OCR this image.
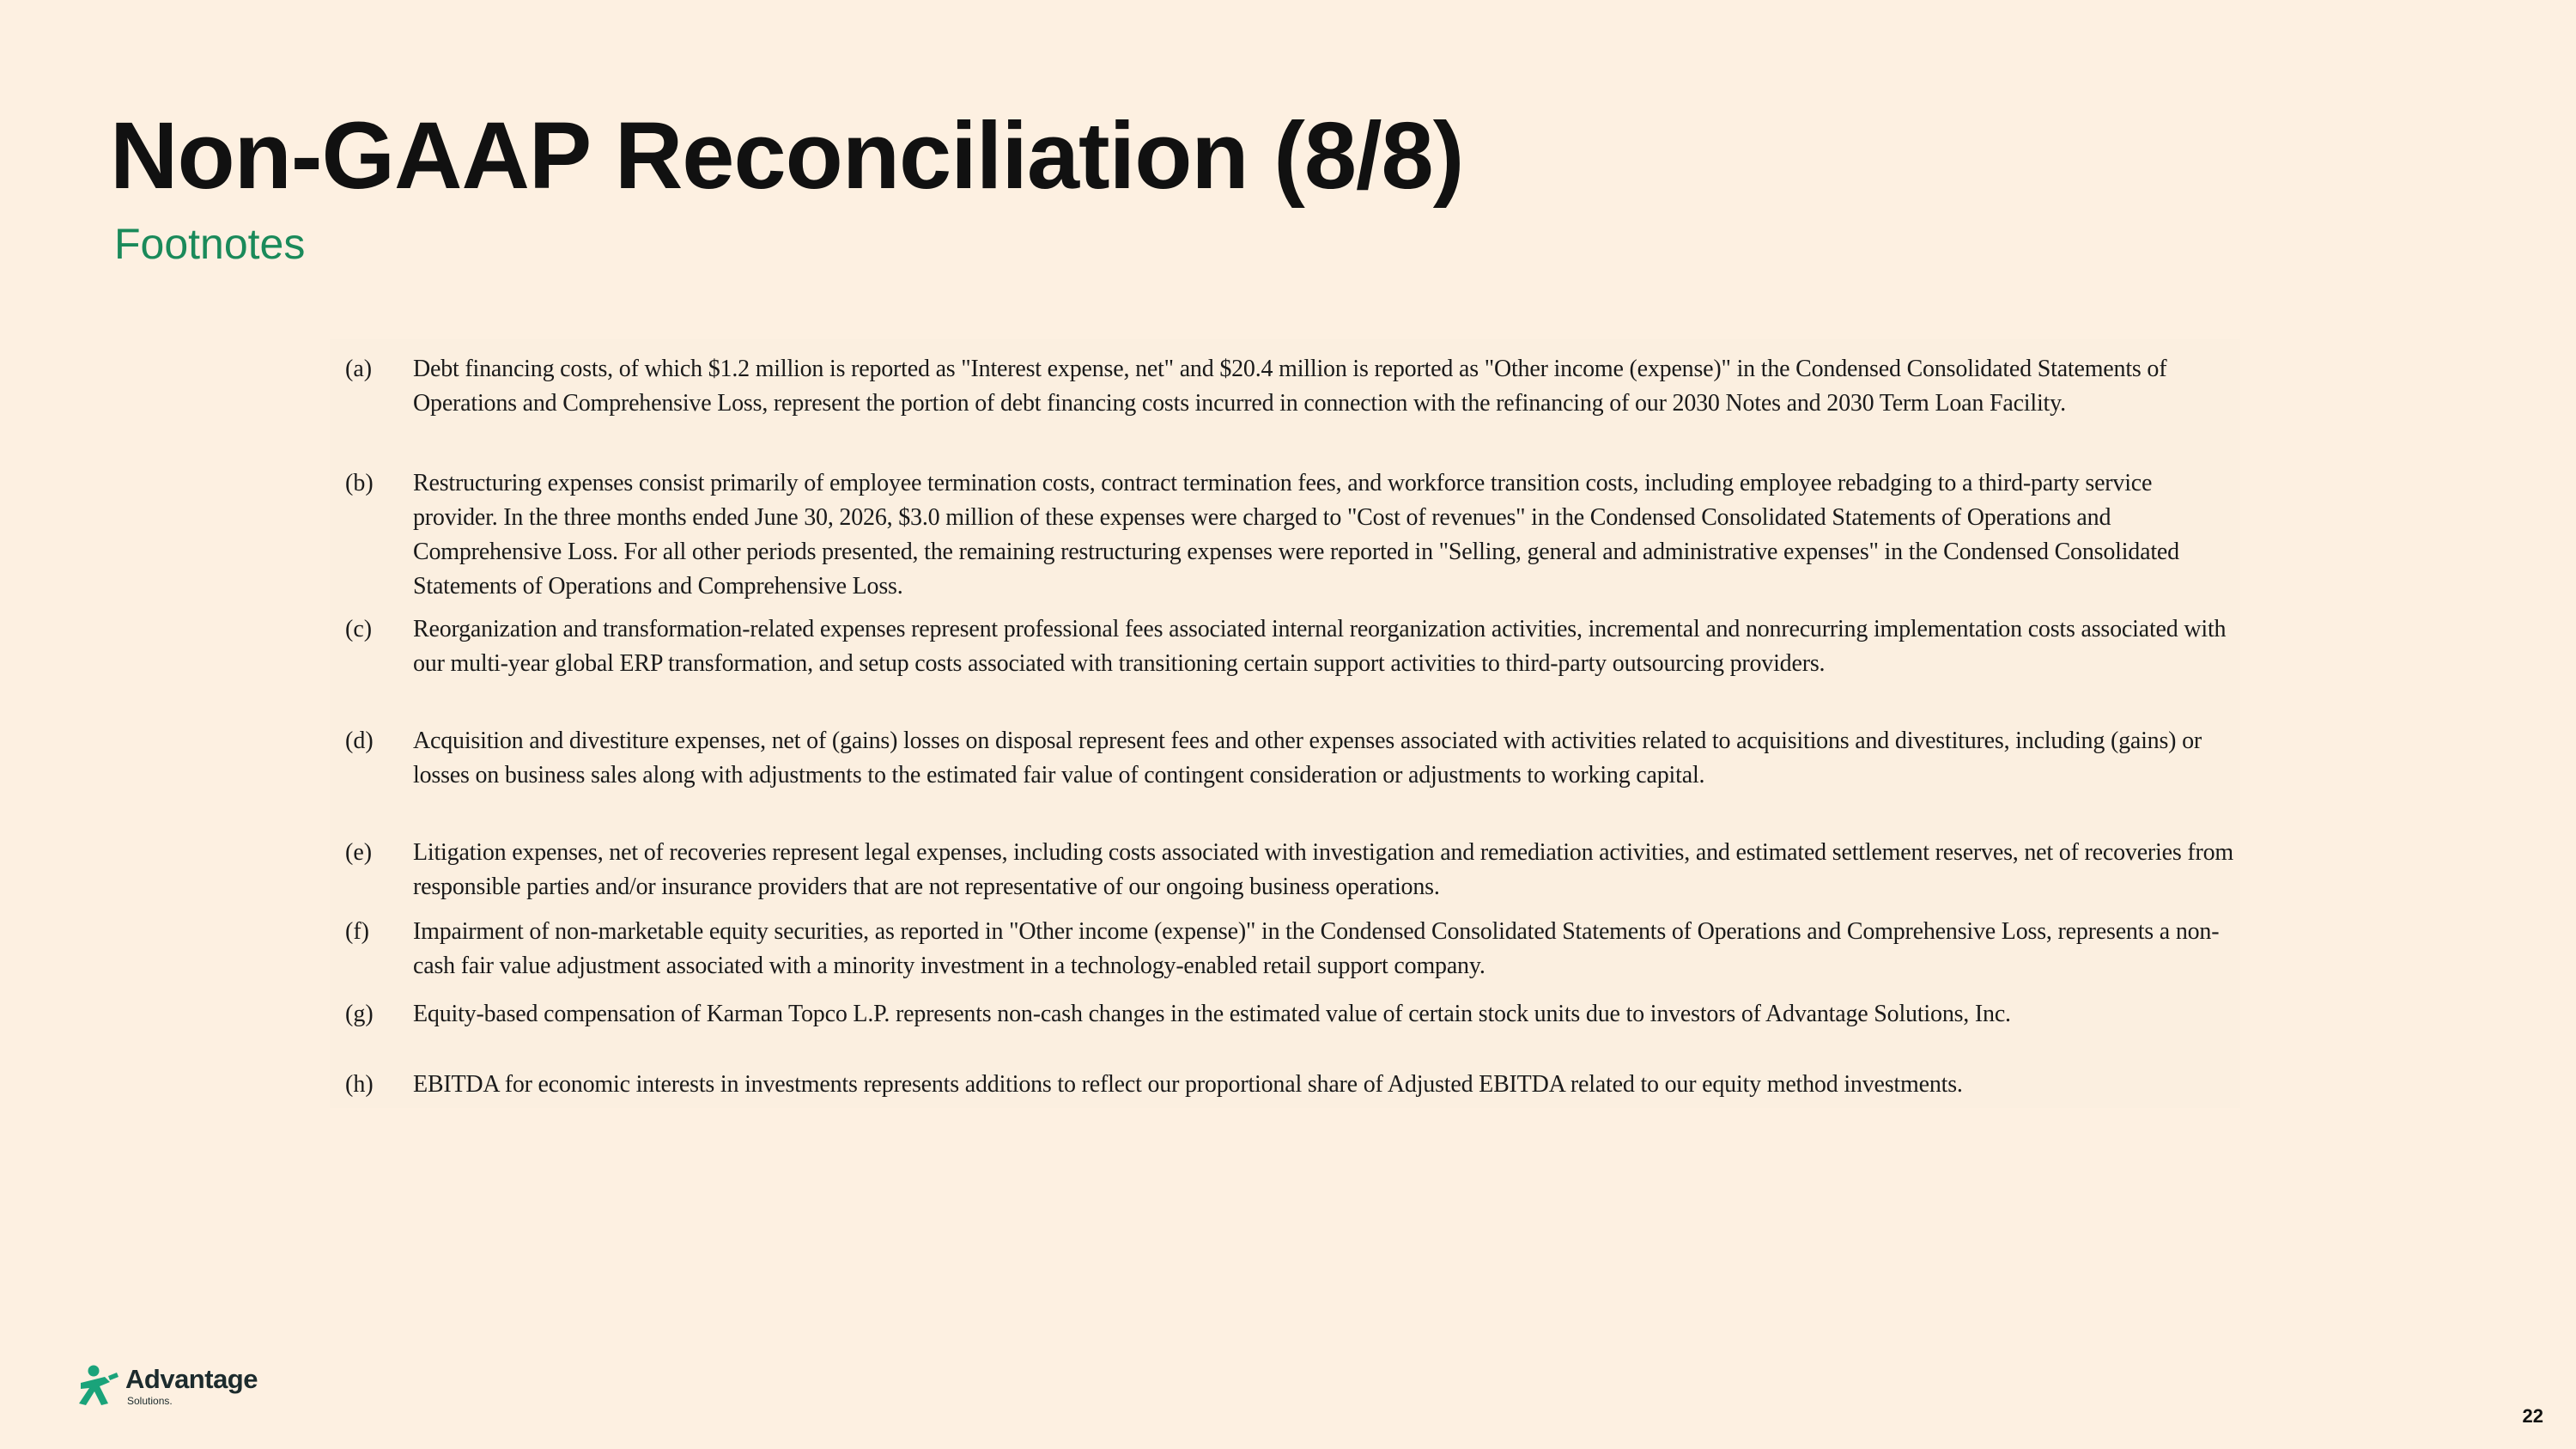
Non-GAAP Reconciliation (8/8)
Footnotes
(a) Debt financing costs, of which $1.2 million is reported as "Interest expense, net" and $20.4 million is reported as "Other income (expense)" in the Condensed Consolidated Statements of Operations and Comprehensive Loss, represent the portion of debt financing costs incurred in connection with the refinancing of our 2030 Notes and 2030 Term Loan Facility.

(b) Restructuring expenses consist primarily of employee termination costs, contract termination fees, and workforce transition costs, including employee rebadging to a third-party service provider. In the three months ended June 30, 2026, $3.0 million of these expenses were charged to "Cost of revenues" in the Condensed Consolidated Statements of Operations and Comprehensive Loss. For all other periods presented, the remaining restructuring expenses were reported in "Selling, general and administrative expenses" in the Condensed Consolidated Statements of Operations and Comprehensive Loss.

(c) Reorganization and transformation-related expenses represent professional fees associated internal reorganization activities, incremental and nonrecurring implementation costs associated with our multi-year global ERP transformation, and setup costs associated with transitioning certain support activities to third-party outsourcing providers.

(d) Acquisition and divestiture expenses, net of (gains) losses on disposal represent fees and other expenses associated with activities related to acquisitions and divestitures, including (gains) or losses on business sales along with adjustments to the estimated fair value of contingent consideration or adjustments to working capital.

(e) Litigation expenses, net of recoveries represent legal expenses, including costs associated with investigation and remediation activities, and estimated settlement reserves, net of recoveries from responsible parties and/or insurance providers that are not representative of our ongoing business operations.

(f) Impairment of non-marketable equity securities, as reported in "Other income (expense)" in the Condensed Consolidated Statements of Operations and Comprehensive Loss, represents a non-cash fair value adjustment associated with a minority investment in a technology-enabled retail support company.

(g) Equity-based compensation of Karman Topco L.P. represents non-cash changes in the estimated value of certain stock units due to investors of Advantage Solutions, Inc.

(h) EBITDA for economic interests in investments represents additions to reflect our proportional share of Adjusted EBITDA related to our equity method investments.

Advantage
Solutions.
22
